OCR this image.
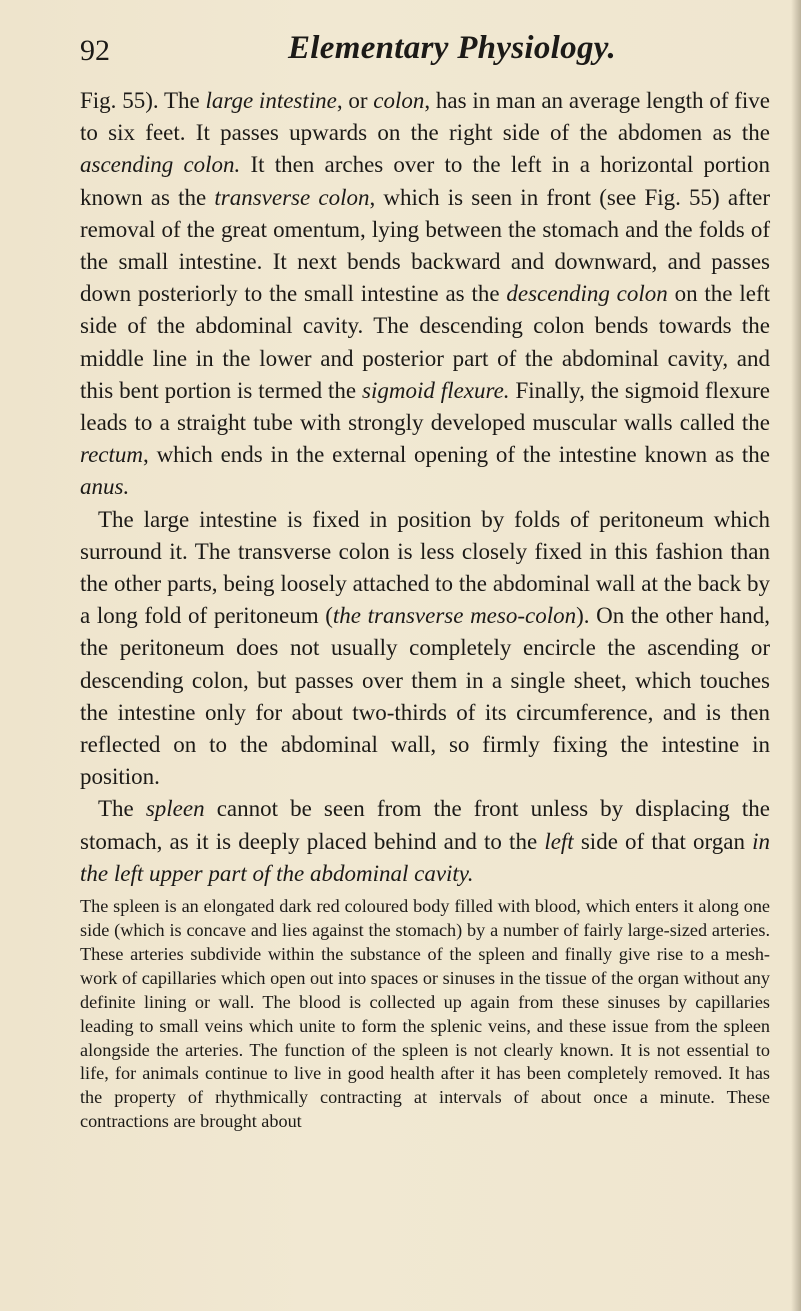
92	Elementary Physiology.

Fig. 55). The large intestine, or colon, has in man an average length of five to six feet. It passes upwards on the right side of the abdomen as the ascending colon. It then arches over to the left in a horizontal portion known as the transverse colon, which is seen in front (see Fig. 55) after removal of the great omentum, lying between the stomach and the folds of the small intestine. It next bends backward and downward, and passes down posteriorly to the small intestine as the descending colon on the left side of the abdominal cavity. The descending colon bends towards the middle line in the lower and posterior part of thе abdominal cavity, and this bent portion is termed the sigmoid flexure. Finally, the sigmoid flexure leads to a straight tube with strongly developed muscular walls called the rectum, which ends in the external opening of the intestine known as the anus.

The large intestine is fixed in position by folds of peritoneum which surround it. The transverse colon is less closely fixed in this fashion than the other parts, being loosely attached to the abdominal wall at the back by a long fold of peritoneum (the transverse meso-colon). On the other hand, the peritoneum does not usually completely encircle the ascending or descending colon, but passes over them in a single sheet, which touches the intestine only for about two-thirds of its circumference, and is then reflected on to the abdominal wall, so firmly fixing the intestine in position.

The spleen cannot be seen from the front unless by displacing the stomach, as it is deeply placed behind and to the left side of that organ in the left upper part of the abdominal cavity.

The spleen is an elongated dark red coloured body filled with blood, which enters it along one side (which is concave and lies against the stomach) by a number of fairly large-sized arteries. These arteries subdivide within the substance of the spleen and finally give rise to a mesh-work of capillaries which open out into spaces or sinuses in the tissue of the organ without any definite lining or wall. The blood is collected up again from these sinuses by capillaries leading to small veins which unite to form the splenic veins, and these issue from the spleen alongside the arteries. The function of the spleen is not clearly known. It is not essential to life, for animals continue to live in good health after it has been completely removed. It has the property of rhythmically contracting at intervals of about once a minute. These contractions are brought about
